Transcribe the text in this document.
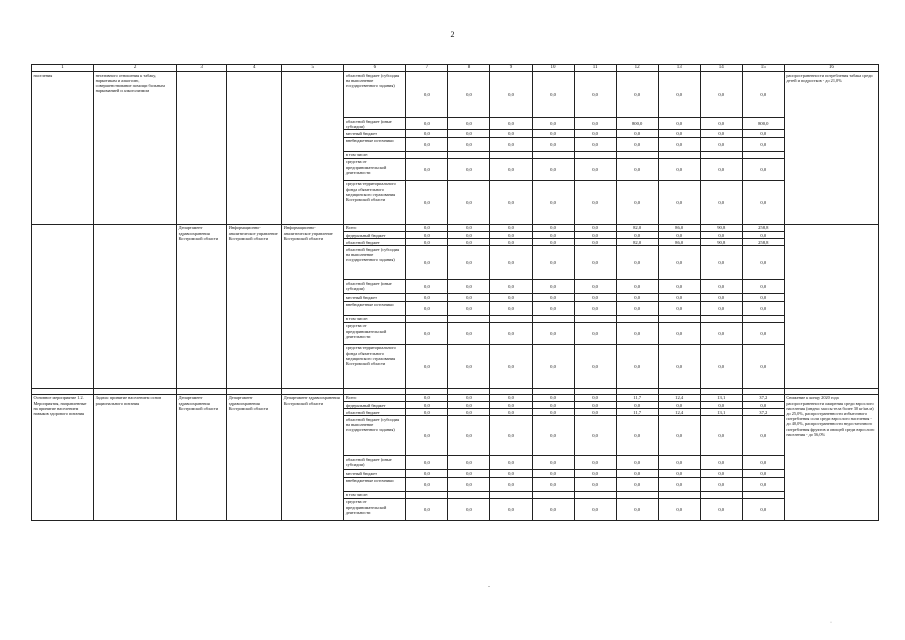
2
1	2	3	4	5	6	7	8	9	10	11	12	13	14	15	16
населения	негативного отношения к табаку, наркотикам и алкоголю, совершенствование помощи больным наркоманией и алкоголизмом				областной бюджет (субсидия на выполнение государственного задания)	0,0	0,0	0,0	0,0	0,0	0,0	0,0	0,0	0,0	распространенности потребления табака среди детей и подростков - до 21,0%
					областной бюджет (иные субсидии)	0,0	0,0	0,0	0,0	0,0	800,0	0,0	0,0	800,0	
					местный бюджет	0,0	0,0	0,0	0,0	0,0	0,0	0,0	0,0	0,0	
					внебюджетные источники	0,0	0,0	0,0	0,0	0,0	0,0	0,0	0,0	0,0	
					в том числе:										
					средства от предпринимательской деятельности	0,0	0,0	0,0	0,0	0,0	0,0	0,0	0,0	0,0	
					средства территориального фонда обязательного медицинского страхования Костромской области	0,0	0,0	0,0	0,0	0,0	0,0	0,0	0,0	0,0	
		Департамент здравоохранения Костромской области	Информационно-аналитическое управление Костромской области	Информационно-аналитическое управление Костромской области	Всего	0,0	0,0	0,0	0,0	0,0	82,0	86,0	90,8	258,8	
					федеральный бюджет	0,0	0,0	0,0	0,0	0,0	0,0	0,0	0,0	0,0	
					областной бюджет	0,0	0,0	0,0	0,0	0,0	82,0	86,0	90,8	258,8	
					областной бюджет (субсидия на выполнение государственного задания)	0,0	0,0	0,0	0,0	0,0	0,0	0,0	0,0	0,0	
					областной бюджет (иные субсидии)	0,0	0,0	0,0	0,0	0,0	0,0	0,0	0,0	0,0	
					местный бюджет	0,0	0,0	0,0	0,0	0,0	0,0	0,0	0,0	0,0	
					внебюджетные источники	0,0	0,0	0,0	0,0	0,0	0,0	0,0	0,0	0,0	
					в том числе:										
					средства от предпринимательской деятельности	0,0	0,0	0,0	0,0	0,0	0,0	0,0	0,0	0,0	
					средства территориального фонда обязательного медицинского страхования Костромской области	0,0	0,0	0,0	0,0	0,0	0,0	0,0	0,0	0,0	

Основное мероприятие 1.2. Мероприятия, направленные на принятие населением навыков здорового питания	Задача: принятие населением основ рационального питания	Департамент здравоохранения Костромской области	Департамент здравоохранения Костромской области	Департамент здравоохранения Костромской области	Всего	0,0	0,0	0,0	0,0	0,0	11,7	12,4	13,1	37,2	Снижение к концу 2020 года распространенности ожирения среди взрослого населения (индекс массы тела более 30 кг/кв.м) до 25,0%, распространенности избыточного потребления соли среди взрослого населения - до 40,0%, распространенности недостаточного потребления фруктов и овощей среди взрослого населения - до 56,0%
					федеральный бюджет	0,0	0,0	0,0	0,0	0,0	0,0	0,0	0,0	0,0	
					областной бюджет	0,0	0,0	0,0	0,0	0,0	11,7	12,4	13,1	37,2	
					областной бюджет (субсидия на выполнение государственного задания)	0,0	0,0	0,0	0,0	0,0	0,0	0,0	0,0	0,0	
					областной бюджет (иные субсидии)	0,0	0,0	0,0	0,0	0,0	0,0	0,0	0,0	0,0	
					местный бюджет	0,0	0,0	0,0	0,0	0,0	0,0	0,0	0,0	0,0	
					внебюджетные источники	0,0	0,0	0,0	0,0	0,0	0,0	0,0	0,0	0,0	
					в том числе:										
					средства от предпринимательской деятельности	0,0	0,0	0,0	0,0	0,0	0,0	0,0	0,0	0,0	
-
·
